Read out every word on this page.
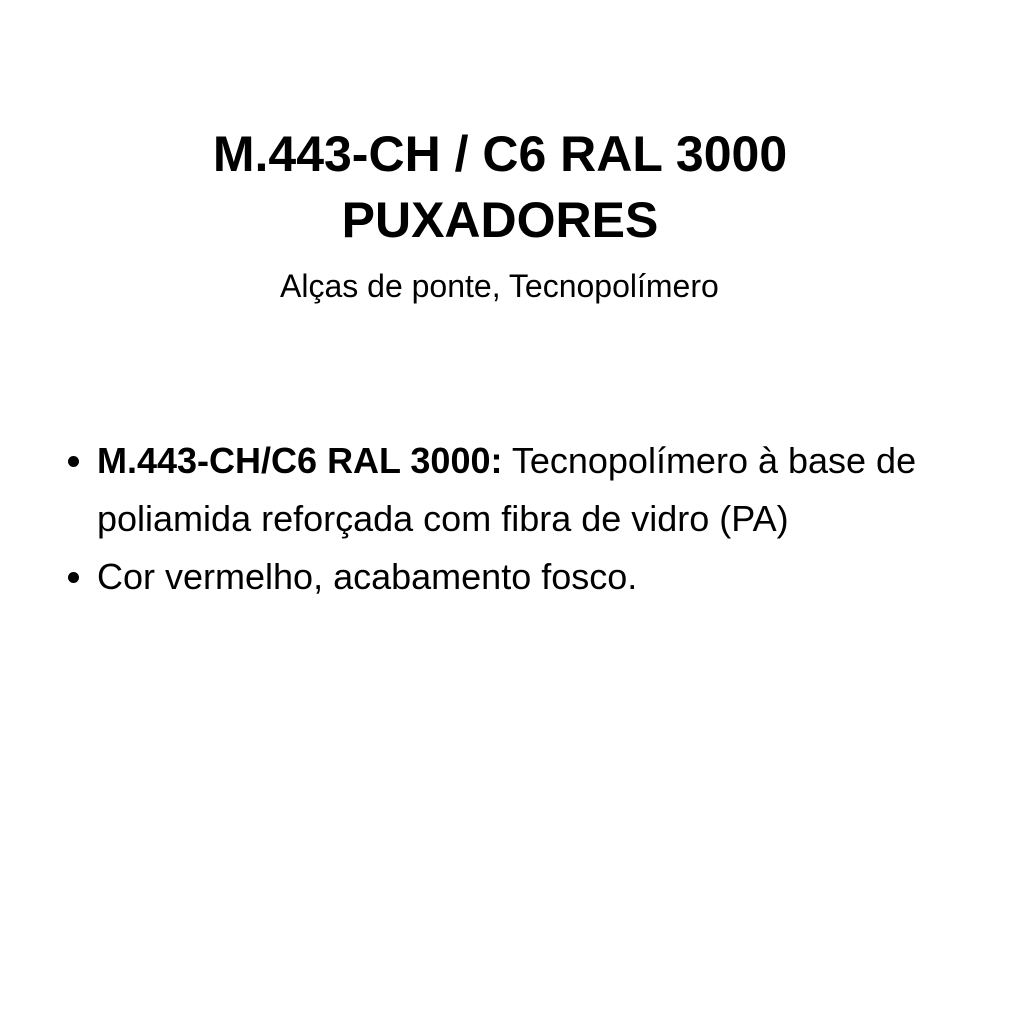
M.443-CH / C6 RAL 3000
PUXADORES

Alças de ponte, Tecnopolímero

M.443-CH/C6 RAL 3000: Tecnopolímero à base de poliamida reforçada com fibra de vidro (PA)
Cor vermelho, acabamento fosco.
